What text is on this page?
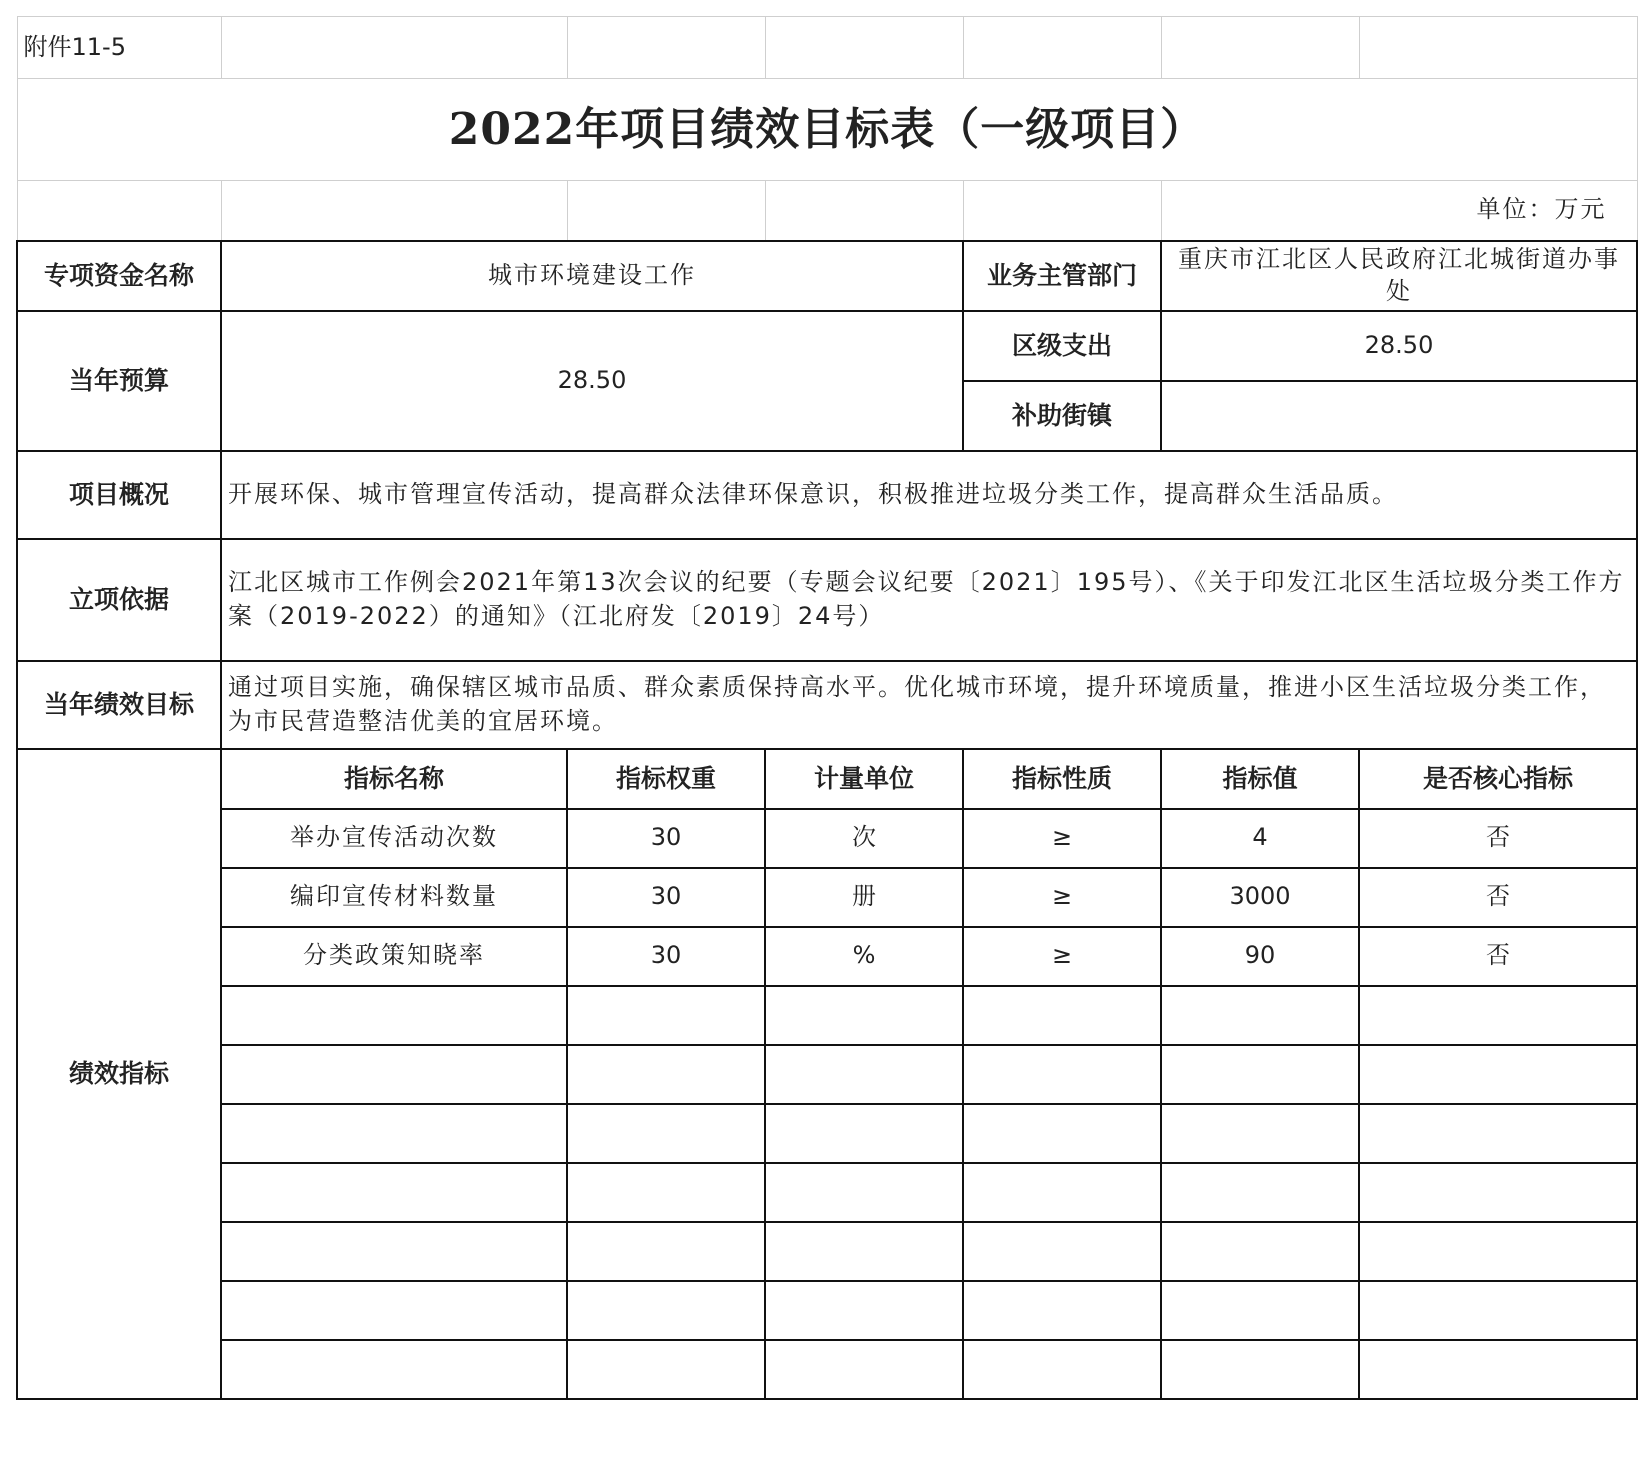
附件11-5						
2022年项目绩效目标表（一级项目）						
					单位：万元	
专项资金名称	城市环境建设工作			业务主管部门	重庆市江北区人民政府江北城街道办事处	
当年预算	28.50			区级支出	28.50	
				补助街镇		
项目概况	开展环保、城市管理宣传活动，提高群众法律环保意识，积极推进垃圾分类工作，提高群众生活品质。					
立项依据	江北区城市工作例会2021年第13次会议的纪要（专题会议纪要〔2021〕195号）、《关于印发江北区生活垃圾分类工作方案（2019-2022）的通知》（江北府发〔2019〕24号）					
当年绩效目标	通过项目实施，确保辖区城市品质、群众素质保持高水平。优化城市环境，提升环境质量，推进小区生活垃圾分类工作，为市民营造整洁优美的宜居环境。					
绩效指标	指标名称	指标权重	计量单位	指标性质	指标值	是否核心指标
	举办宣传活动次数	30	次	≥	4	否
	编印宣传材料数量	30	册	≥	3000	否
	分类政策知晓率	30	%	≥	90	否
